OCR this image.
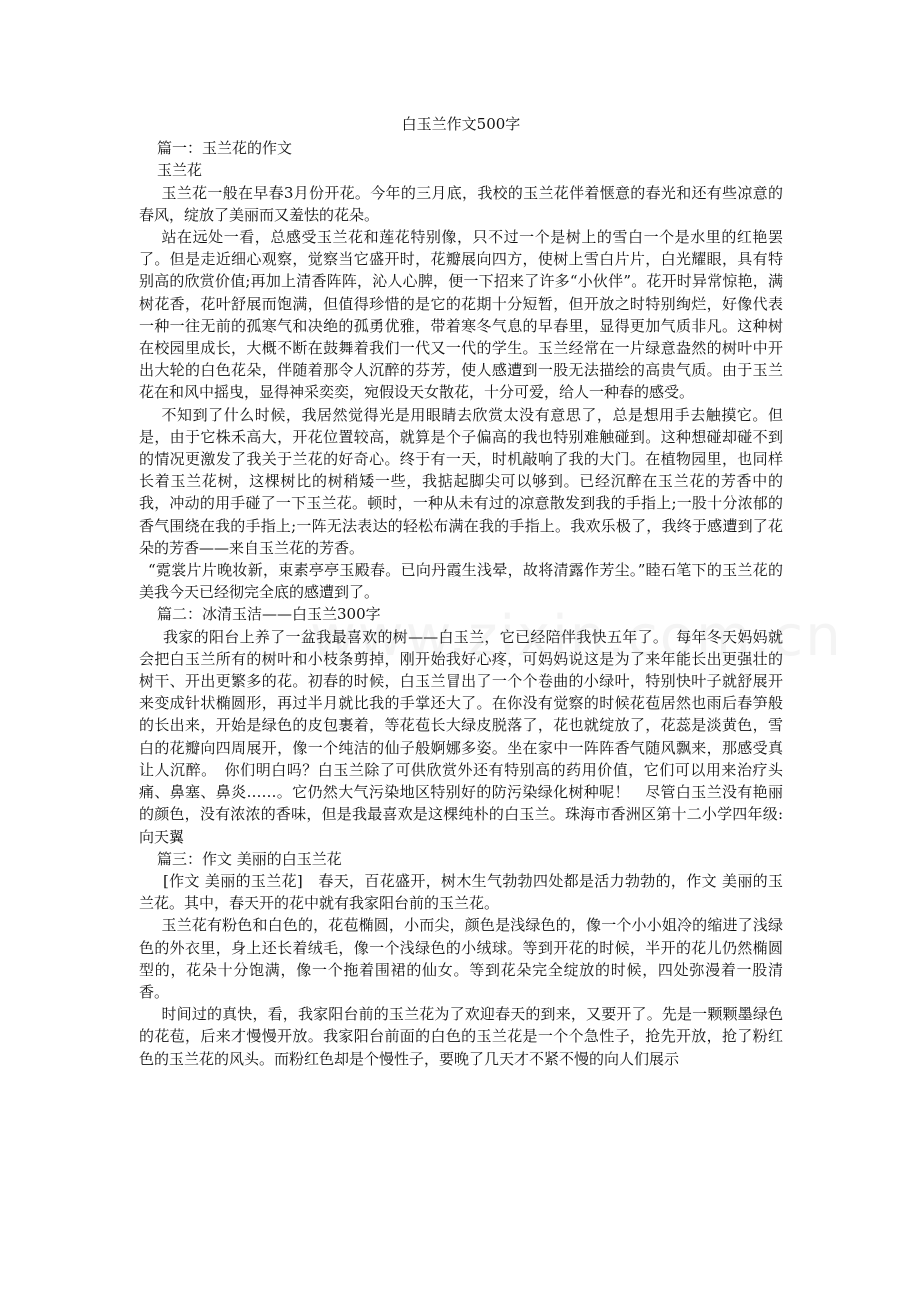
白玉兰作文500字

篇一：玉兰花的作文

玉兰花

玉兰花一般在早春3月份开花。今年的三月底，我校的玉兰花伴着惬意的春光和还有些凉意的春风，绽放了美丽而又羞怯的花朵。

站在远处一看，总感受玉兰花和莲花特别像，只不过一个是树上的雪白一个是水里的红艳罢了。但是走近细心观察，觉察当它盛开时，花瓣展向四方，使树上雪白片片，白光耀眼，具有特别高的欣赏价值;再加上清香阵阵，沁人心脾，便一下招来了许多“小伙伴”。花开时异常惊艳，满树花香，花叶舒展而饱满，但值得珍惜的是它的花期十分短暂，但开放之时特别绚烂，好像代表一种一往无前的孤寒气和决绝的孤勇优雅，带着寒冬气息的早春里，显得更加气质非凡。这种树在校园里成长，大概不断在鼓舞着我们一代又一代的学生。玉兰经常在一片绿意盎然的树叶中开出大轮的白色花朵，伴随着那令人沉醉的芬芳，使人感遭到一股无法描绘的高贵气质。由于玉兰花在和风中摇曳，显得神采奕奕，宛假设天女散花，十分可爱，给人一种春的感受。

不知到了什么时候，我居然觉得光是用眼睛去欣赏太没有意思了，总是想用手去触摸它。但是，由于它株禾高大，开花位置较高，就算是个子偏高的我也特别难触碰到。这种想碰却碰不到的情况更激发了我关于兰花的好奇心。终于有一天，时机敲响了我的大门。在植物园里，也同样长着玉兰花树，这棵树比的树稍矮一些，我掂起脚尖可以够到。已经沉醉在玉兰花的芳香中的我，冲动的用手碰了一下玉兰花。顿时，一种从未有过的凉意散发到我的手指上;一股十分浓郁的香气围绕在我的手指上;一阵无法表达的轻松布满在我的手指上。我欢乐极了，我终于感遭到了花朵的芳香——来自玉兰花的芳香。

“霓裳片片晚妆新，束素亭亭玉殿春。已向丹霞生浅晕，故将清露作芳尘。”睦石笔下的玉兰花的美我今天已经彻完全底的感遭到了。

篇二：冰清玉洁——白玉兰300字

我家的阳台上养了一盆我最喜欢的树——白玉兰，它已经陪伴我快五年了。　每年冬天妈妈就会把白玉兰所有的树叶和小枝条剪掉，刚开始我好心疼，可妈妈说这是为了来年能长出更强壮的树干、开出更繁多的花。初春的时候，白玉兰冒出了一个个卷曲的小绿叶，特别快叶子就舒展开来变成针状椭圆形，再过半月就比我的手掌还大了。在你没有觉察的时候花苞居然也雨后春笋般的长出来，开始是绿色的皮包裹着，等花苞长大绿皮脱落了，花也就绽放了，花蕊是淡黄色，雪白的花瓣向四周展开，像一个纯洁的仙子般婀娜多姿。坐在家中一阵阵香气随风飘来，那感受真让人沉醉。　你们明白吗？白玉兰除了可供欣赏外还有特别高的药用价值，它们可以用来治疗头痛、鼻塞、鼻炎……。它仍然大气污染地区特别好的防污染绿化树种呢！　尽管白玉兰没有艳丽的颜色，没有浓浓的香味，但是我最喜欢是这棵纯朴的白玉兰。珠海市香洲区第十二小学四年级:向天翼

篇三：作文 美丽的白玉兰花

[作文 美丽的玉兰花]　春天，百花盛开，树木生气勃勃四处都是活力勃勃的，作文 美丽的玉兰花。其中，春天开的花中就有我家阳台前的玉兰花。

玉兰花有粉色和白色的，花苞椭圆，小而尖，颜色是浅绿色的，像一个小小姐冷的缩进了浅绿色的外衣里，身上还长着绒毛，像一个浅绿色的小绒球。等到开花的时候，半开的花儿仍然椭圆型的，花朵十分饱满，像一个拖着围裙的仙女。等到花朵完全绽放的时候，四处弥漫着一股清香。

时间过的真快，看，我家阳台前的玉兰花为了欢迎春天的到来，又要开了。先是一颗颗墨绿色的花苞，后来才慢慢开放。我家阳台前面的白色的玉兰花是一个个急性子，抢先开放，抢了粉红色的玉兰花的风头。而粉红色却是个慢性子，要晚了几天才不紧不慢的向人们展示
